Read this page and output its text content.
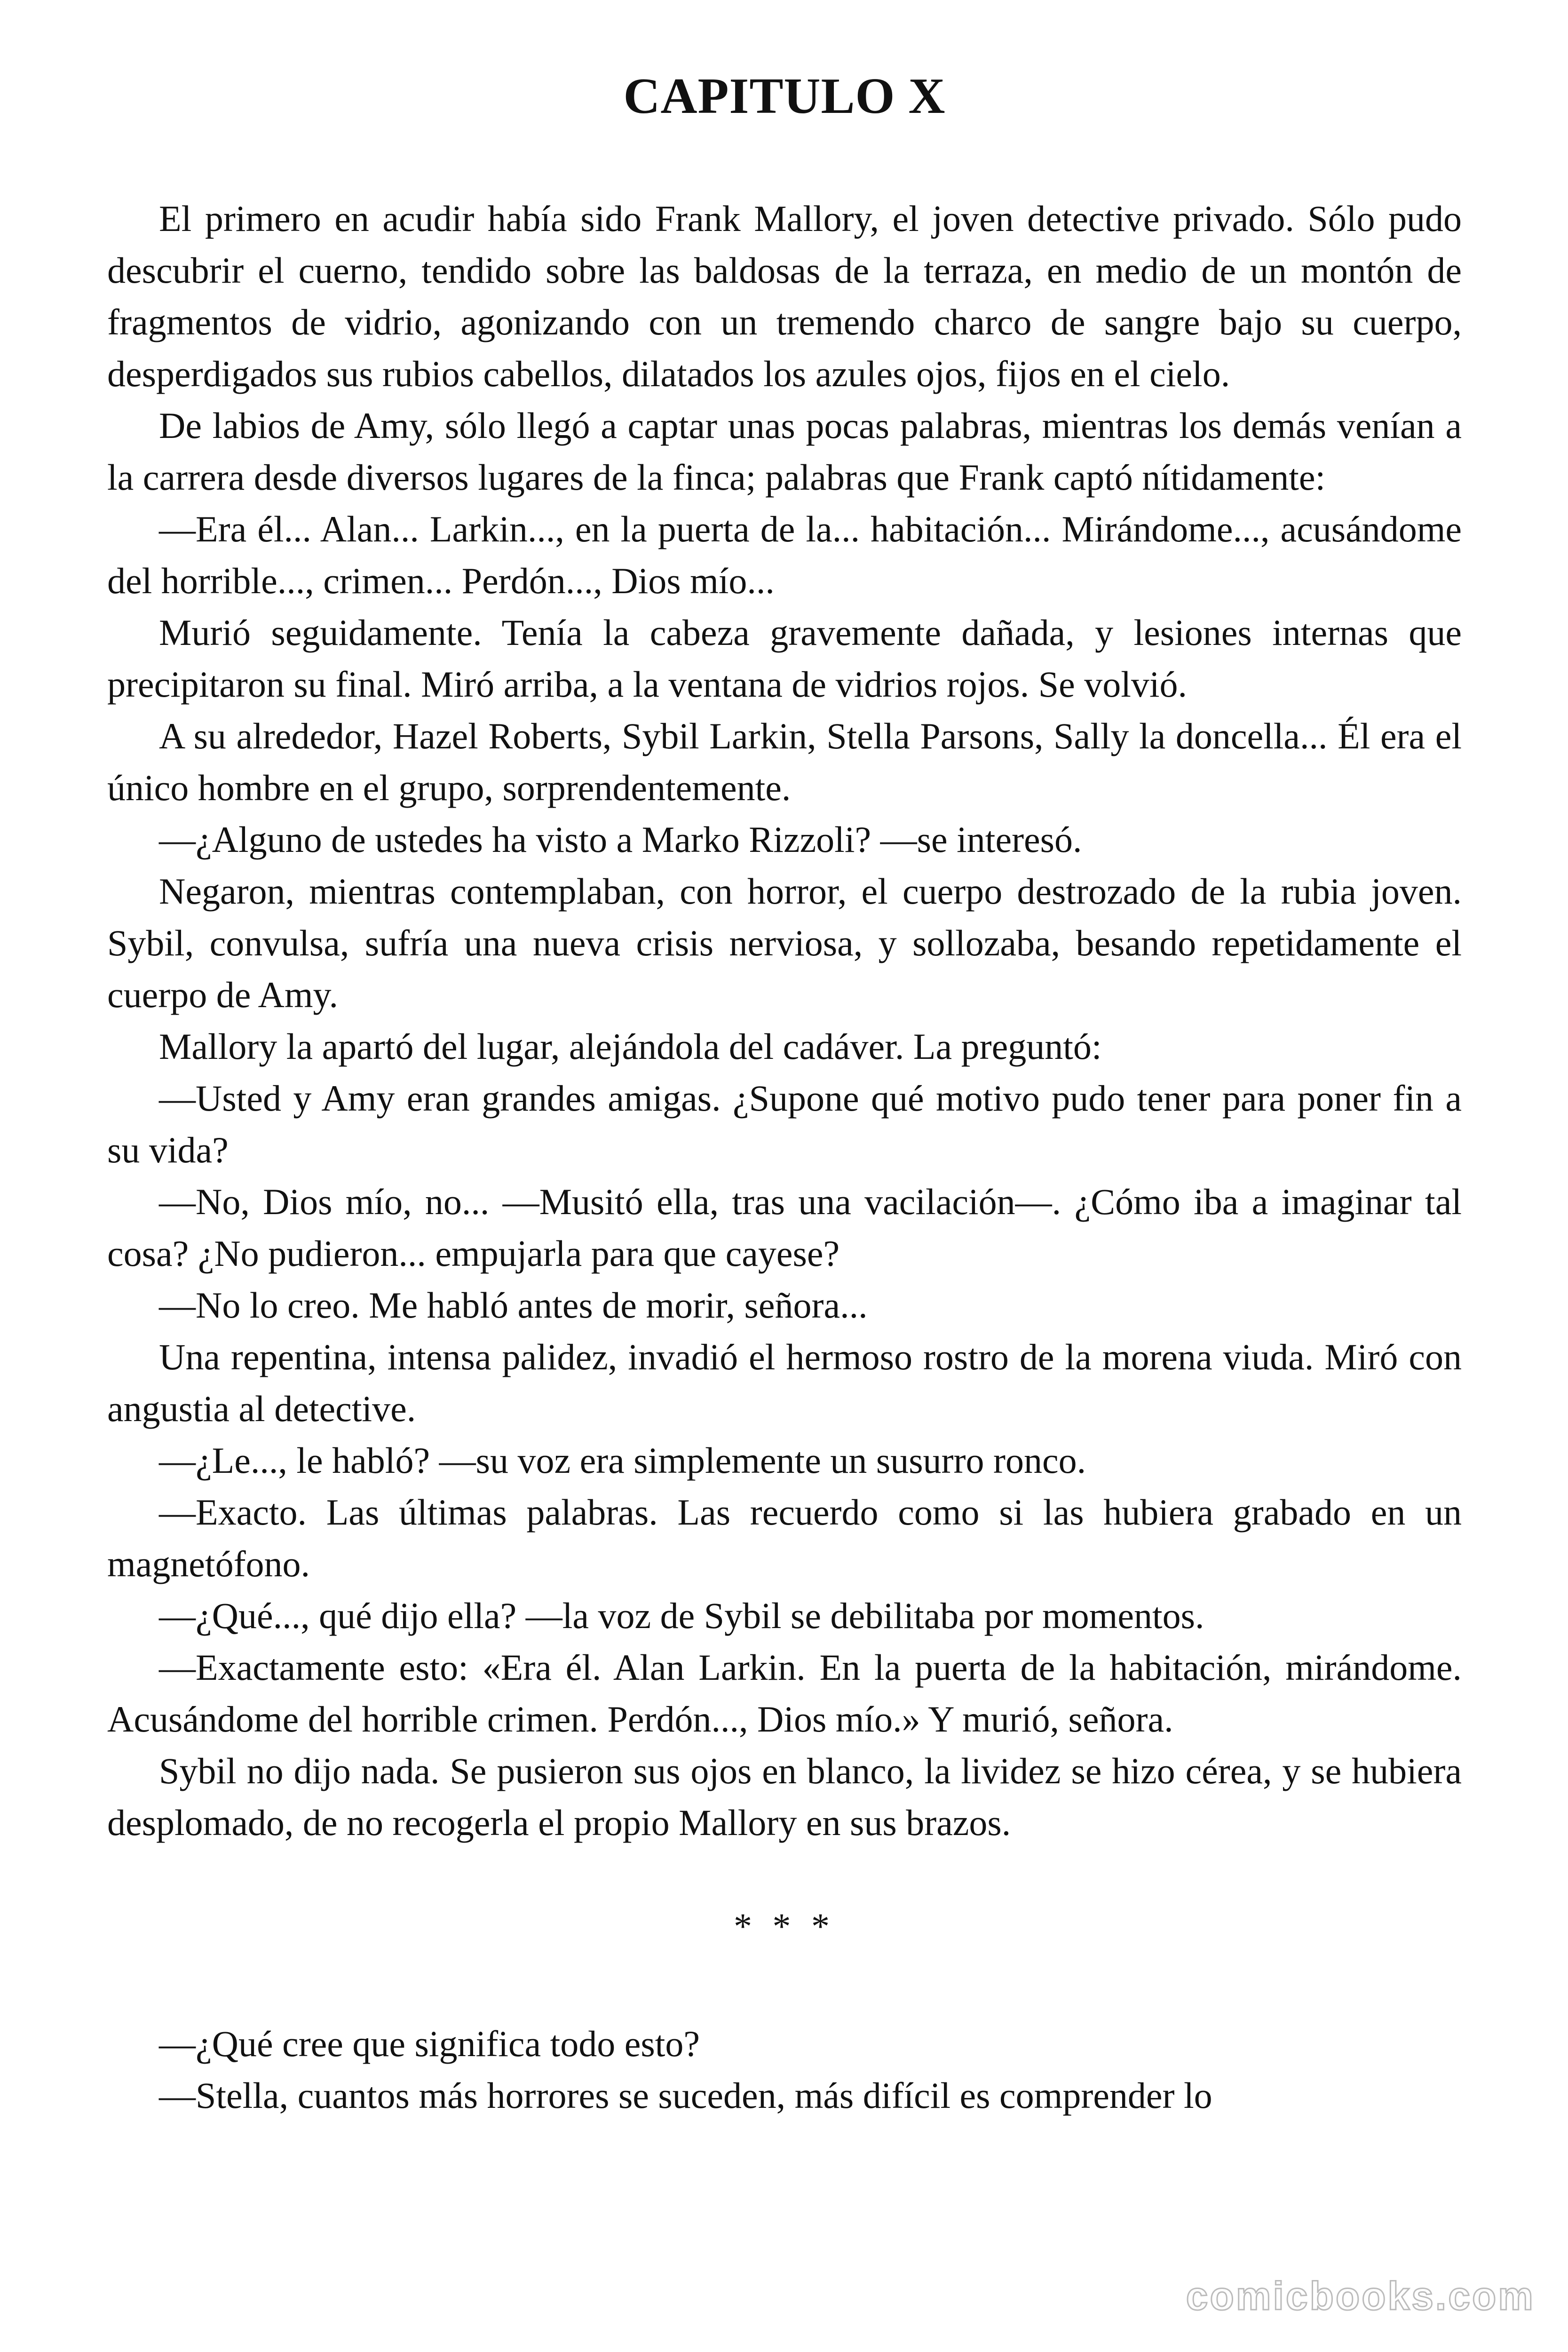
CAPITULO X

El primero en acudir había sido Frank Mallory, el joven detective privado. Sólo pudo descubrir el cuerno, tendido sobre las baldosas de la terraza, en medio de un montón de fragmentos de vidrio, agonizando con un tremendo charco de sangre bajo su cuerpo, desperdigados sus rubios cabellos, dilatados los azules ojos, fijos en el cielo.

De labios de Amy, sólo llegó a captar unas pocas palabras, mientras los demás venían a la carrera desde diversos lugares de la finca; palabras que Frank captó nítidamente:

—Era él... Alan... Larkin..., en la puerta de la... habitación... Mirándome..., acusándome del horrible..., crimen... Perdón..., Dios mío...

Murió seguidamente. Tenía la cabeza gravemente dañada, y lesiones internas que precipitaron su final. Miró arriba, a la ventana de vidrios rojos. Se volvió.

A su alrededor, Hazel Roberts, Sybil Larkin, Stella Parsons, Sally la doncella... Él era el único hombre en el grupo, sorprendentemente.

—¿Alguno de ustedes ha visto a Marko Rizzoli? —se interesó.

Negaron, mientras contemplaban, con horror, el cuerpo destrozado de la rubia joven. Sybil, convulsa, sufría una nueva crisis nerviosa, y sollozaba, besando repetidamente el cuerpo de Amy.

Mallory la apartó del lugar, alejándola del cadáver. La preguntó:

—Usted y Amy eran grandes amigas. ¿Supone qué motivo pudo tener para poner fin a su vida?

—No, Dios mío, no... —Musitó ella, tras una vacilación—. ¿Cómo iba a imaginar tal cosa? ¿No pudieron... empujarla para que cayese?

—No lo creo. Me habló antes de morir, señora...

Una repentina, intensa palidez, invadió el hermoso rostro de la morena viuda. Miró con angustia al detective.

—¿Le..., le habló? —su voz era simplemente un susurro ronco.

—Exacto. Las últimas palabras. Las recuerdo como si las hubiera grabado en un magnetófono.

—¿Qué..., qué dijo ella? —la voz de Sybil se debilitaba por momentos.

—Exactamente esto: «Era él. Alan Larkin. En la puerta de la habitación, mirándome. Acusándome del horrible crimen. Perdón..., Dios mío.» Y murió, señora.

Sybil no dijo nada. Se pusieron sus ojos en blanco, la lividez se hizo cérea, y se hubiera desplomado, de no recogerla el propio Mallory en sus brazos.

* * *

—¿Qué cree que significa todo esto?

—Stella, cuantos más horrores se suceden, más difícil es comprender lo

comicbooks.com
